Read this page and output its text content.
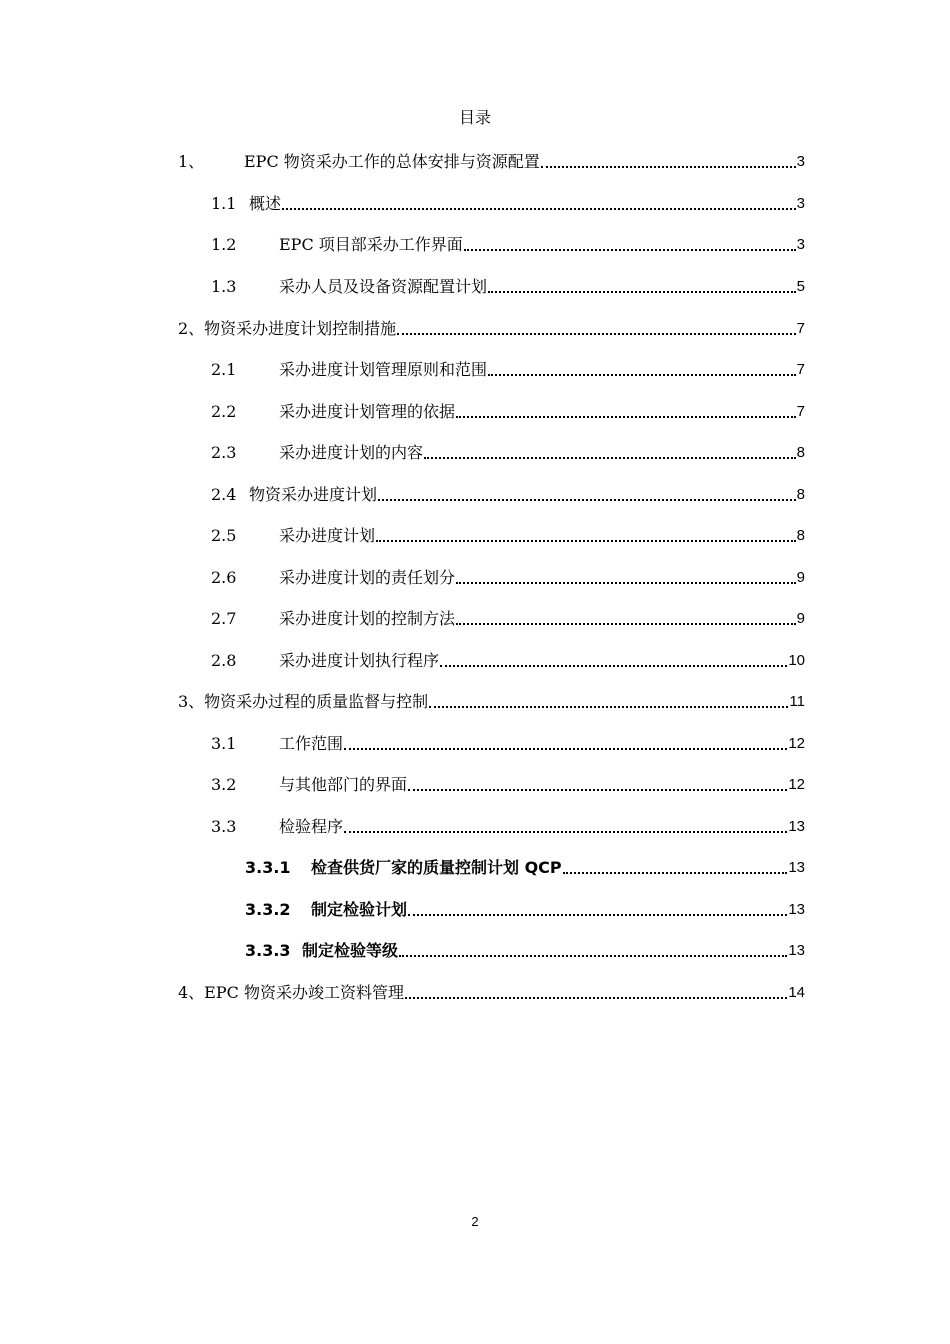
目录
1、	EPC 物资采办工作的总体安排与资源配置	3
1.1 概述	3
1.2	EPC 项目部采办工作界面	3
1.3	采办人员及设备资源配置计划	5
2、物资采办进度计划控制措施	7
2.1	采办进度计划管理原则和范围	7
2.2	采办进度计划管理的依据	7
2.3	采办进度计划的内容	8
2.4 物资采办进度计划	8
2.5	采办进度计划	8
2.6	采办进度计划的责任划分	9
2.7	采办进度计划的控制方法	9
2.8	采办进度计划执行程序	10
3、物资采办过程的质量监督与控制	11
3.1	工作范围	12
3.2	与其他部门的界面	12
3.3	检验程序	13
3.3.1	检查供货厂家的质量控制计划 QCP	13
3.3.2	制定检验计划	13
3.3.3 制定检验等级	13
4、EPC 物资采办竣工资料管理	14
2
